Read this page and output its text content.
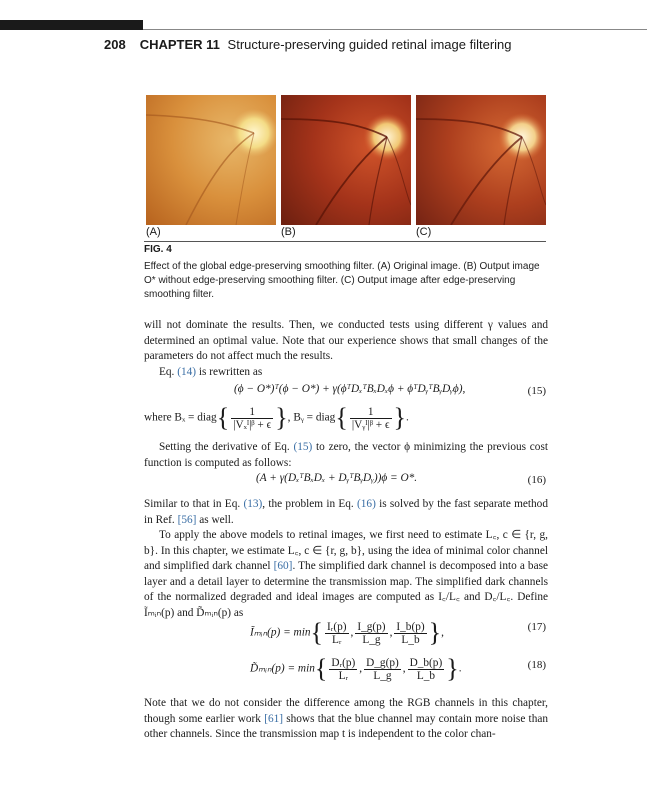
208 CHAPTER 11 Structure-preserving guided retinal image filtering
(A)	(B)	(C)
FIG. 4
Effect of the global edge-preserving smoothing filter. (A) Original image. (B) Output image O* without edge-preserving smoothing filter. (C) Output image after edge-preserving smoothing filter.
will not dominate the results. Then, we conducted tests using different γ values and determined an optimal value. Note that our experience shows that small changes of the parameters do not affect much the results.
Eq. (14) is rewritten as
(ϕ − O*)ᵀ(ϕ − O*) + γ(ϕᵀDₓᵀBₓDₓϕ + ϕᵀDᵧᵀBᵧDᵧϕ),	(15)
where Bₓ = diag{ $\frac{1}{\text{|Vₓᴵ|ᵝ + ϵ}}$ }, Bᵧ = diag{ $\frac{1}{\text{|Vᵧᴵ|ᵝ + ϵ}}$ }.
Setting the derivative of Eq. (15) to zero, the vector ϕ minimizing the previous cost function is computed as follows:
(A + γ(DₓᵀBₓDₓ + DᵧᵀBᵧDᵧ))ϕ = O*.	(16)
Similar to that in Eq. (13), the problem in Eq. (16) is solved by the fast separate method in Ref. [56] as well.
To apply the above models to retinal images, we first need to estimate L꜀, c ∈ {r, g, b}. In this chapter, we estimate L꜀, c ∈ {r, g, b}, using the idea of minimal color channel and simplified dark channel [60]. The simplified dark channel is decomposed into a base layer and a detail layer to determine the transmission map. The simplified dark channels of the normalized degraded and ideal images are computed as I꜀/L꜀ and D꜀/L꜀. Define Ĩₘᵢₙ(p) and D̃ₘᵢₙ(p) as
Ĩₘᵢₙ(p) = $\min\{ \frac{\text{Iᵣ(p)}}{\text{Lᵣ}}$ , $\frac{I\_g(p)}{L\_g}$ , $\frac{I\_b(p)}{L\_b}$ },	(17)
D̃ₘᵢₙ(p) = $\min\{ \frac{\text{Dᵣ(p)}}{\text{Lᵣ}}$ , $\frac{D\_g(p)}{L\_g}$ , $\frac{D\_b(p)}{L\_b}$ }.	(18)
Note that we do not consider the difference among the RGB channels in this chapter, though some earlier work [61] shows that the blue channel may contain more noise than other channels. Since the transmission map t is independent to the color chan-
